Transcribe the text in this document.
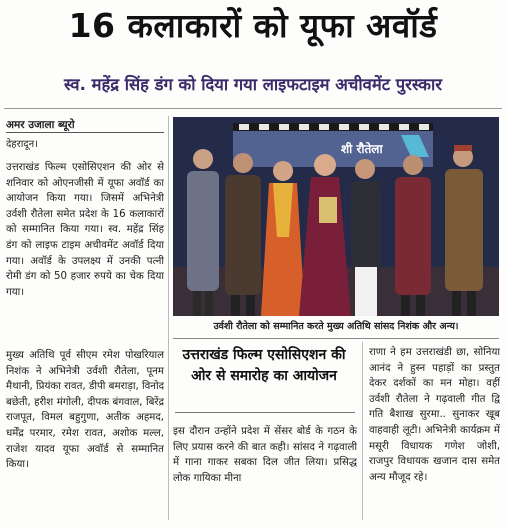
16 कलाकारों को यूफा अवॉर्ड
स्व. महेंद्र सिंह डंग को दिया गया लाइफटाइम अचीवमेंट पुरस्कार
अमर उजाला ब्यूरो
देहरादून।

उत्तराखंड फिल्म एसोसिएशन की ओर से शनिवार को ओएनजीसी में यूफा अवॉर्ड का आयोजन किया गया। जिसमें अभिनेत्री उर्वशी रौतेला समेत प्रदेश के 16 कलाकारों को सम्मानित किया गया। स्व. महेंद्र सिंह डंग को लाइफ टाइम अचीवमेंट अवॉर्ड दिया गया। अवॉर्ड के उपलक्ष्य में उनकी पत्नी रोमी डंग को 50 हजार रुपये का चेक दिया गया।

मुख्य अतिथि पूर्व सीएम रमेश पोखरियाल निशंक ने अभिनेत्री उर्वशी रौतेला, पूनम मैथानी, प्रियंका रावत, डीपी बमराड़ा, विनोद बछेती, हरीश मंगोली, दीपक बंगवाल, बिरेंद्र राजपूत, विमल बहुगुणा, अतीक अहमद, धर्मेंद्र परमार, रमेश रावत, अशोक मल्ल, राजेश यादव यूफा अवॉर्ड से सम्मानित किया।

शी रौतेला
उर्वशी रौतेला को सम्मानित करते मुख्य अतिथि सांसद निशंक और अन्य।
उत्तराखंड फिल्म एसोसिएशन की ओर से समारोह का आयोजन

इस दौरान उन्होंने प्रदेश में सेंसर बोर्ड के गठन के लिए प्रयास करने की बात कही। सांसद ने गढ़वाली में गाना गाकर सबका दिल जीत लिया। प्रसिद्ध लोक गायिका मीना

राणा ने हम उत्तराखंडी छा, सोनिया आनंद ने हुस्न पहाड़ों का प्रस्तुत देकर दर्शकों का मन मोहा। वहीं उर्वशी रौतेला ने गढ़वाली गीत द्वि गति बैशाख सुरमा.. सुनाकर खूब वाहवाही लूटी। अभिनेत्री कार्यक्रम में मसूरी विधायक गणेश जोशी, राजपुर विधायक खजान दास समेत अन्य मौजूद रहे।
